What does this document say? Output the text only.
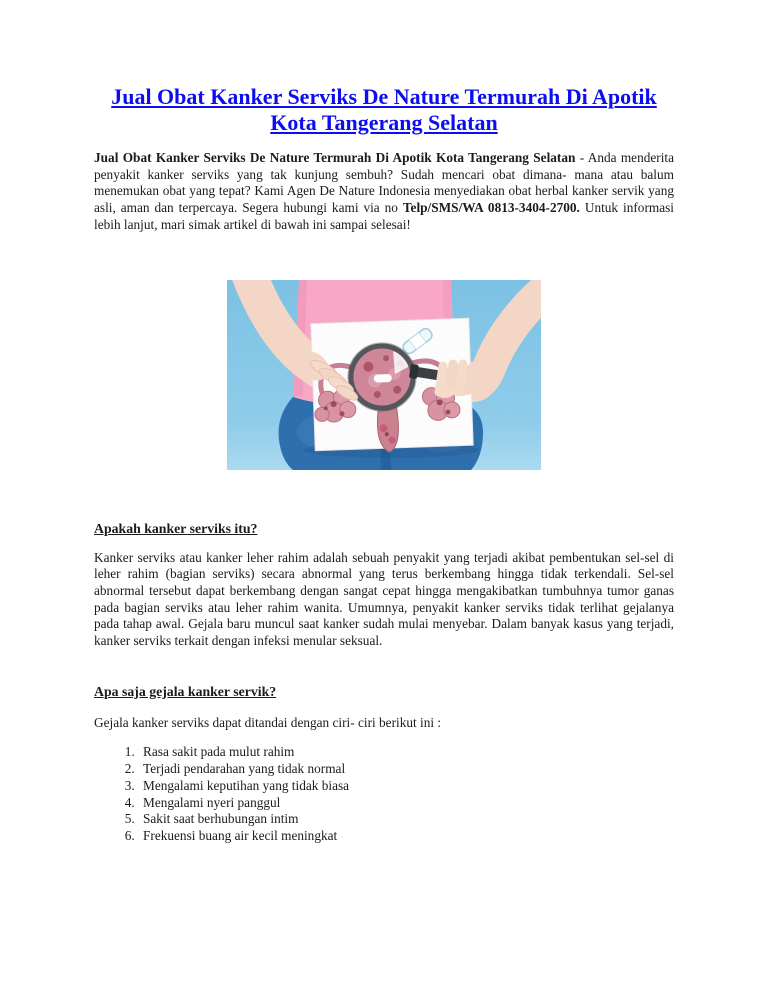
Jual Obat Kanker Serviks De Nature Termurah Di Apotik Kota Tangerang Selatan

Jual Obat Kanker Serviks De Nature Termurah Di Apotik Kota Tangerang Selatan - Anda menderita penyakit kanker serviks yang tak kunjung sembuh? Sudah mencari obat dimana- mana atau balum menemukan obat yang tepat? Kami Agen De Nature Indonesia menyediakan obat herbal kanker servik yang asli, aman dan terpercaya. Segera hubungi kami via no Telp/SMS/WA 0813-3404-2700. Untuk informasi lebih lanjut, mari simak artikel di bawah ini sampai selesai!

Apakah kanker serviks itu?

Kanker serviks atau kanker leher rahim adalah sebuah penyakit yang terjadi akibat pembentukan sel-sel di leher rahim (bagian serviks) secara abnormal yang terus berkembang hingga tidak terkendali. Sel-sel abnormal tersebut dapat berkembang dengan sangat cepat hingga mengakibatkan tumbuhnya tumor ganas pada bagian serviks atau leher rahim wanita. Umumnya, penyakit kanker serviks tidak terlihat gejalanya pada tahap awal. Gejala baru muncul saat kanker sudah mulai menyebar. Dalam banyak kasus yang terjadi, kanker serviks terkait dengan infeksi menular seksual.

Apa saja gejala kanker servik?

Gejala kanker serviks dapat ditandai dengan ciri- ciri berikut ini :

1. Rasa sakit pada mulut rahim
2. Terjadi pendarahan yang tidak normal
3. Mengalami keputihan yang tidak biasa
4. Mengalami nyeri panggul
5. Sakit saat berhubungan intim
6. Frekuensi buang air kecil meningkat
